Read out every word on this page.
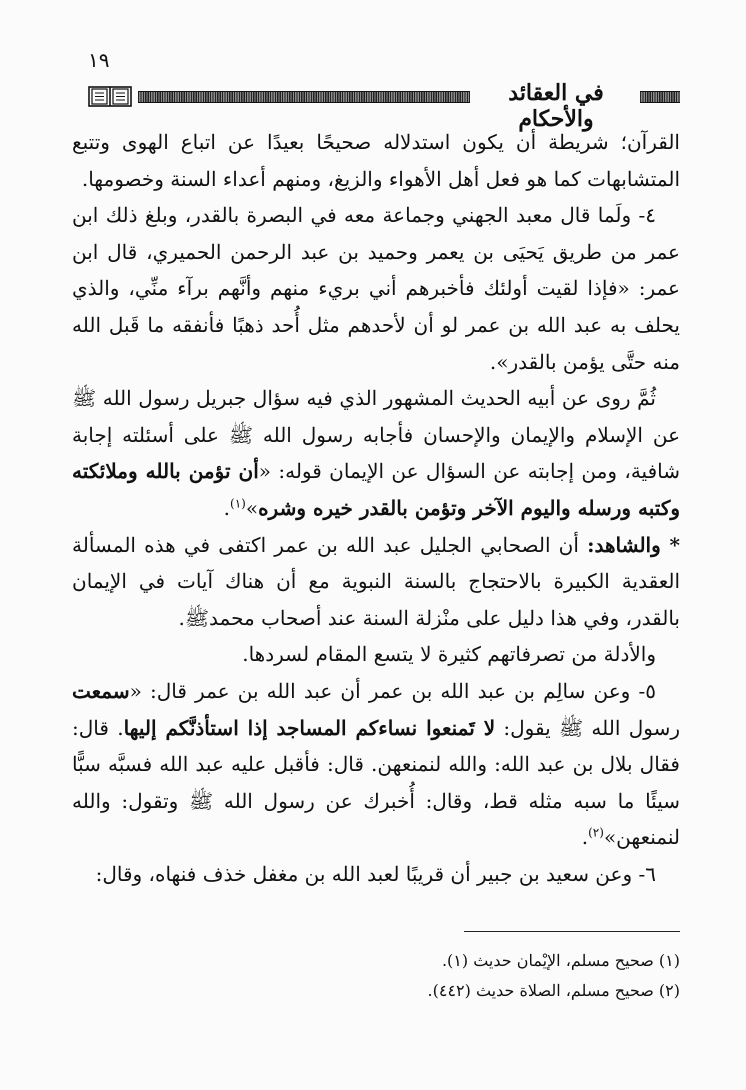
١٩
في العقائد والأحكام

القرآن؛ شريطة أن يكون استدلاله صحيحًا بعيدًا عن اتباع الهوى وتتبع المتشابهات كما هو فعل أهل الأهواء والزيغ، ومنهم أعداء السنة وخصومها.

٤- ولَما قال معبد الجهني وجماعة معه في البصرة بالقدر، وبلغ ذلك ابن عمر من طريق يَحيَى بن يعمر وحميد بن عبد الرحمن الحميري، قال ابن عمر: «فإذا لقيت أولئك فأخبرهم أني بريء منهم وأنَّهم برآء منِّي، والذي يحلف به عبد الله بن عمر لو أن لأحدهم مثل أُحد ذهبًا فأنفقه ما قَبل الله منه حتَّى يؤمن بالقدر».

ثُمَّ روى عن أبيه الحديث المشهور الذي فيه سؤال جبريل رسول الله ﷺ عن الإسلام والإيمان والإحسان فأجابه رسول الله ﷺ على أسئلته إجابة شافية، ومن إجابته عن السؤال عن الإيمان قوله: «أن تؤمن بالله وملائكته وكتبه ورسله واليوم الآخر وتؤمن بالقدر خيره وشره»$^{(١)}$.

* والشاهد: أن الصحابي الجليل عبد الله بن عمر اكتفى في هذه المسألة العقدية الكبيرة بالاحتجاج بالسنة النبوية مع أن هناك آيات في الإيمان بالقدر، وفي هذا دليل على منْزلة السنة عند أصحاب محمدﷺ.

والأدلة من تصرفاتهم كثيرة لا يتسع المقام لسردها.

٥- وعن سالِم بن عبد الله بن عمر أن عبد الله بن عمر قال: «سمعت رسول الله ﷺ يقول: لا تَمنعوا نساءكم المساجد إذا استأذنَّكم إليها. قال: فقال بلال بن عبد الله: والله لنمنعهن. قال: فأقبل عليه عبد الله فسبَّه سبًّا سيئًا ما سبه مثله قط، وقال: أُخبرك عن رسول الله ﷺ وتقول: والله لنمنعهن»$^{(٢)}$.

٦- وعن سعيد بن جبير أن قريبًا لعبد الله بن مغفل خذف فنهاه، وقال:

(١) صحيح مسلم، الإيْمان حديث (١).

(٢) صحيح مسلم، الصلاة حديث (٤٤٢).
